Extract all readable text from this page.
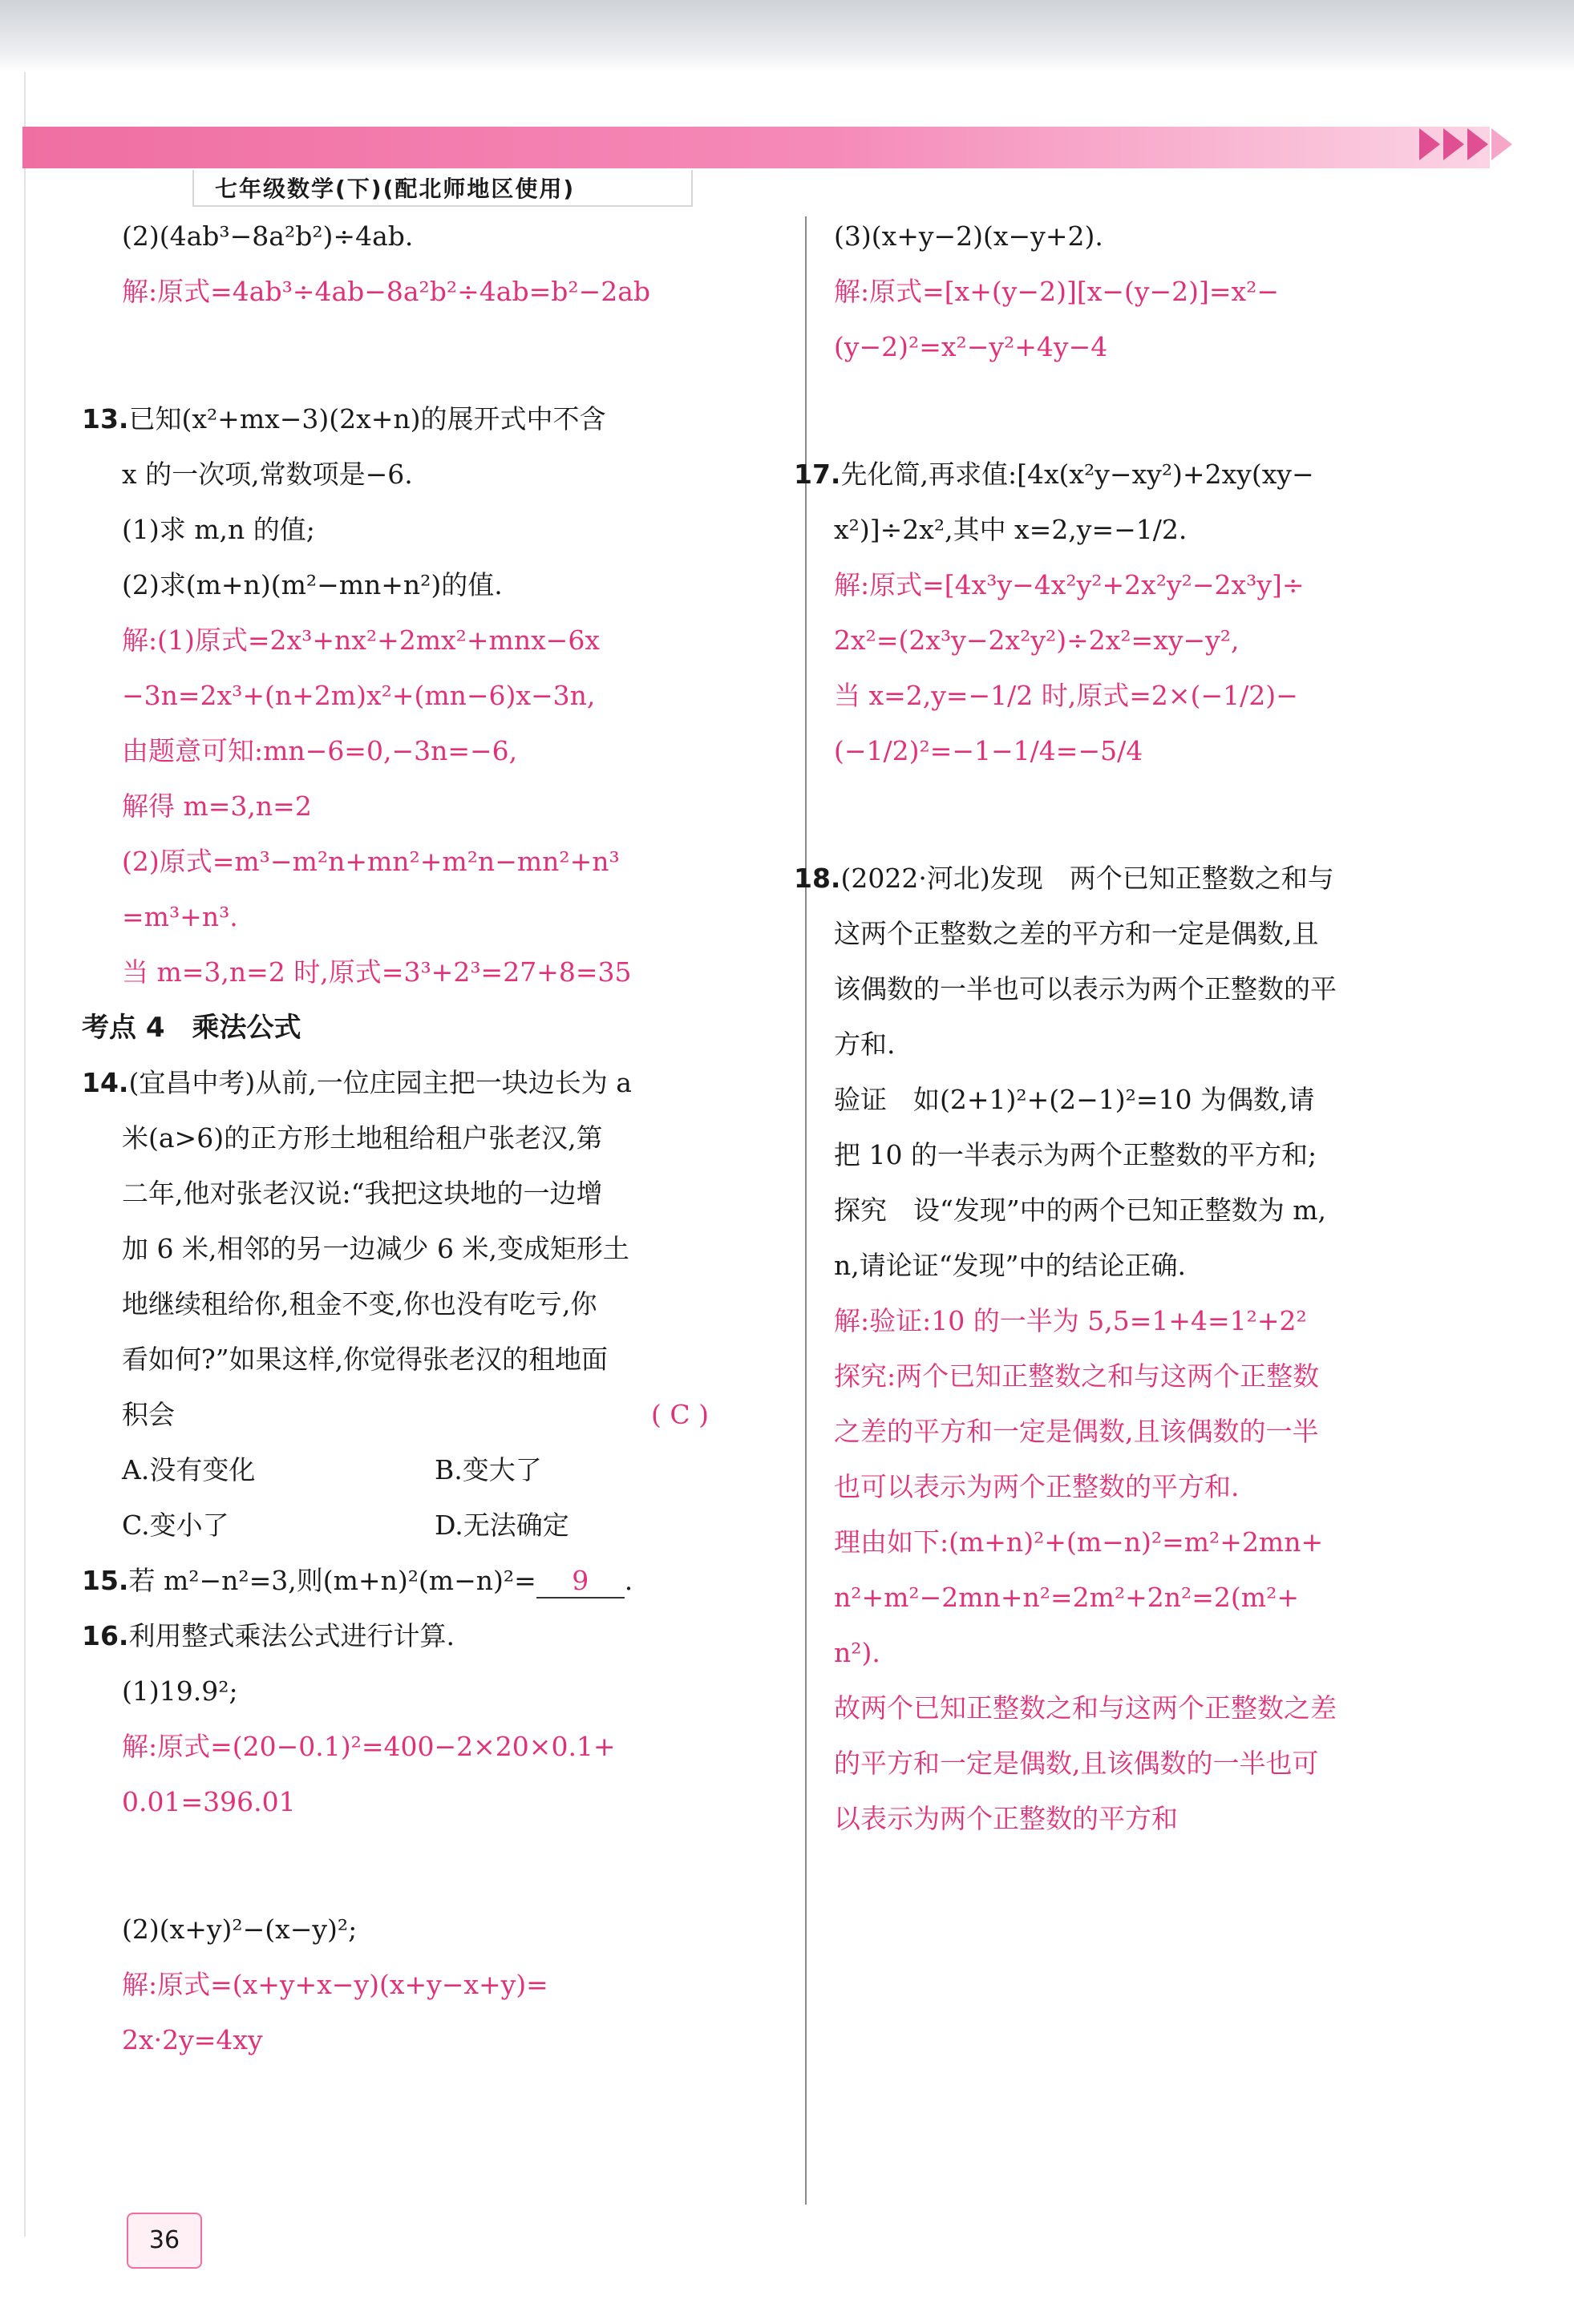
七年级数学(下)(配北师地区使用)
(2)(4ab³−8a²b²)÷4ab.
解:原式=4ab³÷4ab−8a²b²÷4ab=b²−2ab
13.已知(x²+mx−3)(2x+n)的展开式中不含
x 的一次项,常数项是−6.
(1)求 m,n 的值;
(2)求(m+n)(m²−mn+n²)的值.
解:(1)原式=2x³+nx²+2mx²+mnx−6x
−3n=2x³+(n+2m)x²+(mn−6)x−3n,
由题意可知:mn−6=0,−3n=−6,
解得 m=3,n=2
(2)原式=m³−m²n+mn²+m²n−mn²+n³
=m³+n³.
当 m=3,n=2 时,原式=3³+2³=27+8=35
考点 4　乘法公式
14.(宜昌中考)从前,一位庄园主把一块边长为 a
米(a>6)的正方形土地租给租户张老汉,第
二年,他对张老汉说:“我把这块地的一边增
加 6 米,相邻的另一边减少 6 米,变成矩形土
地继续租给你,租金不变,你也没有吃亏,你
看如何?”如果这样,你觉得张老汉的租地面
积会	( C )
A.没有变化	B.变大了
C.变小了	D.无法确定
15.若 m²−n²=3,则(m+n)²(m−n)²= 9 .
16.利用整式乘法公式进行计算.
(1)19.9²;
解:原式=(20−0.1)²=400−2×20×0.1+
0.01=396.01
(2)(x+y)²−(x−y)²;
解:原式=(x+y+x−y)(x+y−x+y)=
2x·2y=4xy
(3)(x+y−2)(x−y+2).
解:原式=[x+(y−2)][x−(y−2)]=x²−
(y−2)²=x²−y²+4y−4
17.先化简,再求值:[4x(x²y−xy²)+2xy(xy−
x²)]÷2x²,其中 x=2,y=−1/2.
解:原式=[4x³y−4x²y²+2x²y²−2x³y]÷
2x²=(2x³y−2x²y²)÷2x²=xy−y²,
当 x=2,y=−1/2 时,原式=2×(−1/2)−
(−1/2)²=−1−1/4=−5/4
18.(2022·河北)发现　两个已知正整数之和与
这两个正整数之差的平方和一定是偶数,且
该偶数的一半也可以表示为两个正整数的平
方和.
验证　如(2+1)²+(2−1)²=10 为偶数,请
把 10 的一半表示为两个正整数的平方和;
探究　设“发现”中的两个已知正整数为 m,
n,请论证“发现”中的结论正确.
解:验证:10 的一半为 5,5=1+4=1²+2²
探究:两个已知正整数之和与这两个正整数
之差的平方和一定是偶数,且该偶数的一半
也可以表示为两个正整数的平方和.
理由如下:(m+n)²+(m−n)²=m²+2mn+
n²+m²−2mn+n²=2m²+2n²=2(m²+
n²).
故两个已知正整数之和与这两个正整数之差
的平方和一定是偶数,且该偶数的一半也可
以表示为两个正整数的平方和
36
